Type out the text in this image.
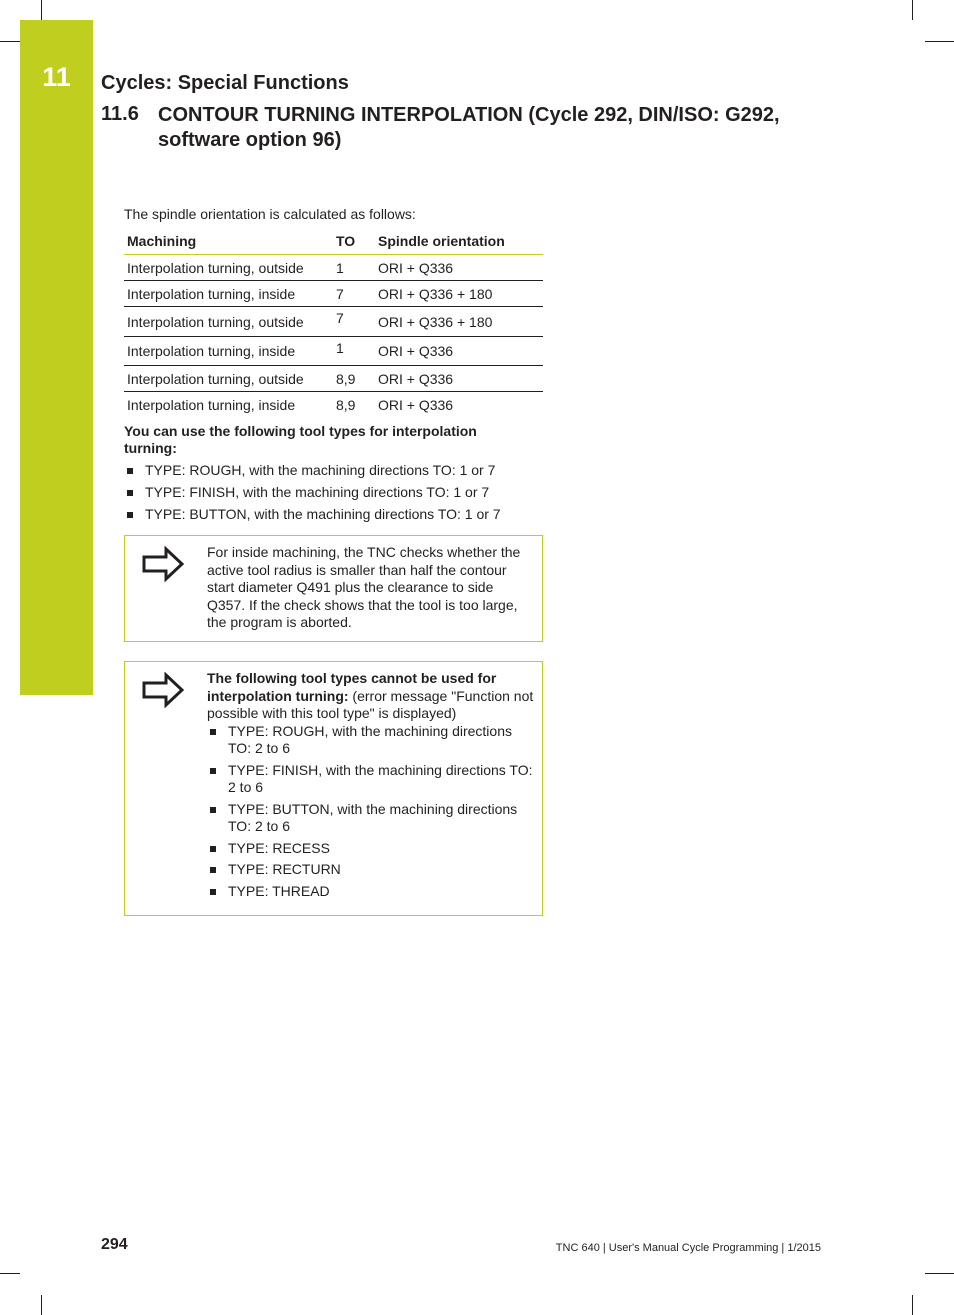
11	Cycles: Special Functions
11.6 CONTOUR TURNING INTERPOLATION (Cycle 292, DIN/ISO: G292, software option 96)
The spindle orientation is calculated as follows:
Machining	TO	Spindle orientation
Interpolation turning, outside	1	ORI + Q336
Interpolation turning, inside	7	ORI + Q336 + 180
Interpolation turning, outside	7	ORI + Q336 + 180
Interpolation turning, inside	1	ORI + Q336
Interpolation turning, outside	8,9	ORI + Q336
Interpolation turning, inside	8,9	ORI + Q336
You can use the following tool types for interpolation turning:
TYPE: ROUGH, with the machining directions TO: 1 or 7
TYPE: FINISH, with the machining directions TO: 1 or 7
TYPE: BUTTON, with the machining directions TO: 1 or 7
For inside machining, the TNC checks whether the active tool radius is smaller than half the contour start diameter Q491 plus the clearance to side Q357. If the check shows that the tool is too large, the program is aborted.
The following tool types cannot be used for interpolation turning: (error message "Function not possible with this tool type" is displayed)
TYPE: ROUGH, with the machining directions TO: 2 to 6
TYPE: FINISH, with the machining directions TO: 2 to 6
TYPE: BUTTON, with the machining directions TO: 2 to 6
TYPE: RECESS
TYPE: RECTURN
TYPE: THREAD
294	TNC 640 | User's Manual Cycle Programming | 1/2015
